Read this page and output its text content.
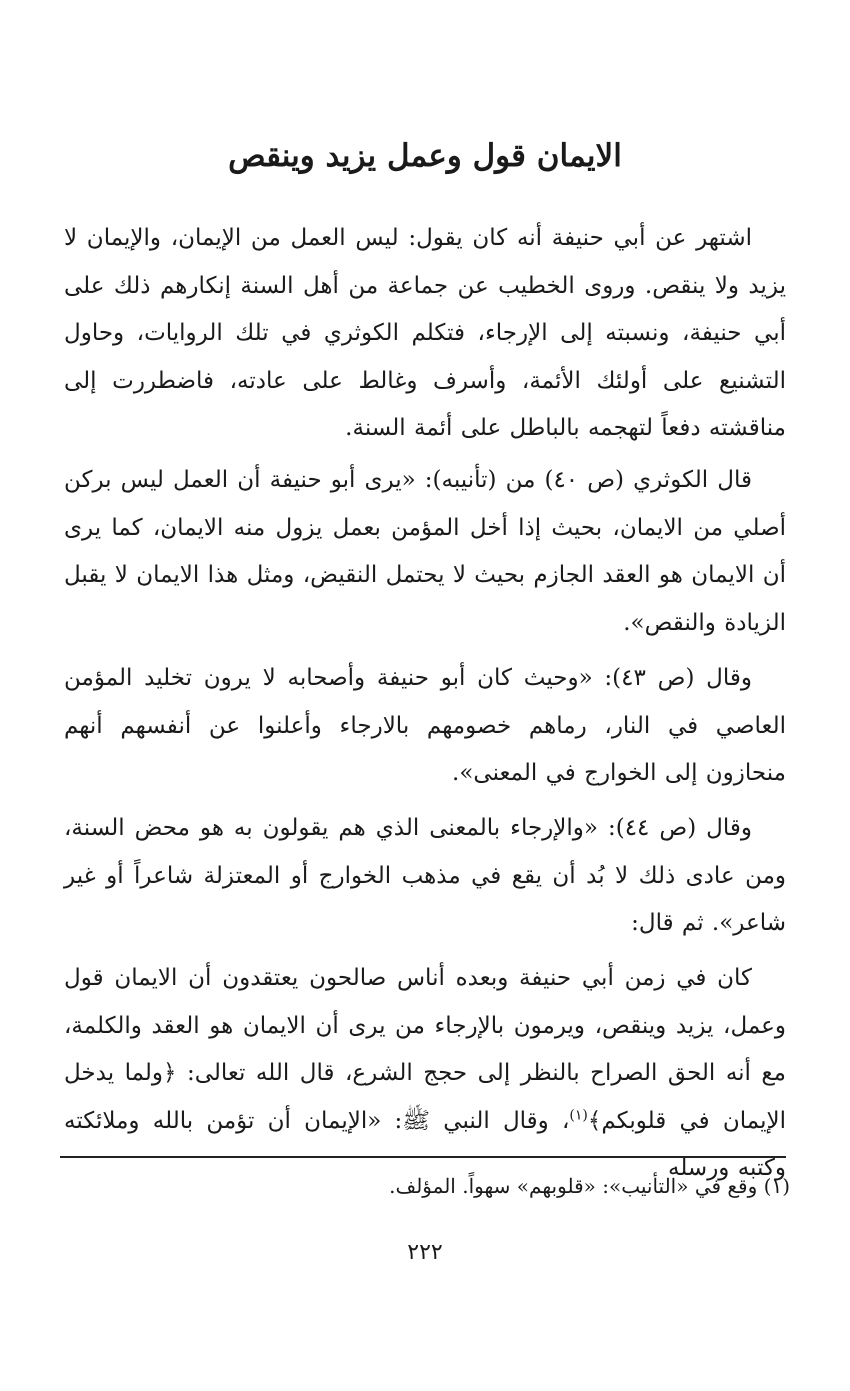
الايمان قول وعمل يزيد وينقص
اشتهر عن أبي حنيفة أنه كان يقول: ليس العمل من الإيمان، والإيمان لا يزيد ولا ينقص. وروى الخطيب عن جماعة من أهل السنة إنكارهم ذلك على أبي حنيفة، ونسبته إلى الإرجاء، فتكلم الكوثري في تلك الروايات، وحاول التشنيع على أولئك الأئمة، وأسرف وغالط على عادته، فاضطررت إلى مناقشته دفعاً لتهجمه بالباطل على أئمة السنة.
قال الكوثري (ص ٤٠) من (تأنيبه): «يرى أبو حنيفة أن العمل ليس بركن أصلي من الايمان، بحيث إذا أخل المؤمن بعمل يزول منه الايمان، كما يرى أن الايمان هو العقد الجازم بحيث لا يحتمل النقيض، ومثل هذا الايمان لا يقبل الزيادة والنقص».
وقال (ص ٤٣): «وحيث كان أبو حنيفة وأصحابه لا يرون تخليد المؤمن العاصي في النار، رماهم خصومهم بالارجاء وأعلنوا عن أنفسهم أنهم منحازون إلى الخوارج في المعنى».
وقال (ص ٤٤): «والإرجاء بالمعنى الذي هم يقولون به هو محض السنة، ومن عادى ذلك لا بُد أن يقع في مذهب الخوارج أو المعتزلة شاعراً أو غير شاعر». ثم قال:
كان في زمن أبي حنيفة وبعده أناس صالحون يعتقدون أن الايمان قول وعمل، يزيد وينقص، ويرمون بالإرجاء من يرى أن الايمان هو العقد والكلمة، مع أنه الحق الصراح بالنظر إلى حجج الشرع، قال الله تعالى: ﴿ولما يدخل الإيمان في قلوبكم﴾$^{(١)}$، وقال النبي ﷺ: «الإيمان أن تؤمن بالله وملائكته وكتبه ورسله

(١) وقع في «التأنيب»: «قلوبهم» سهواً. المؤلف.

٢٢٢
